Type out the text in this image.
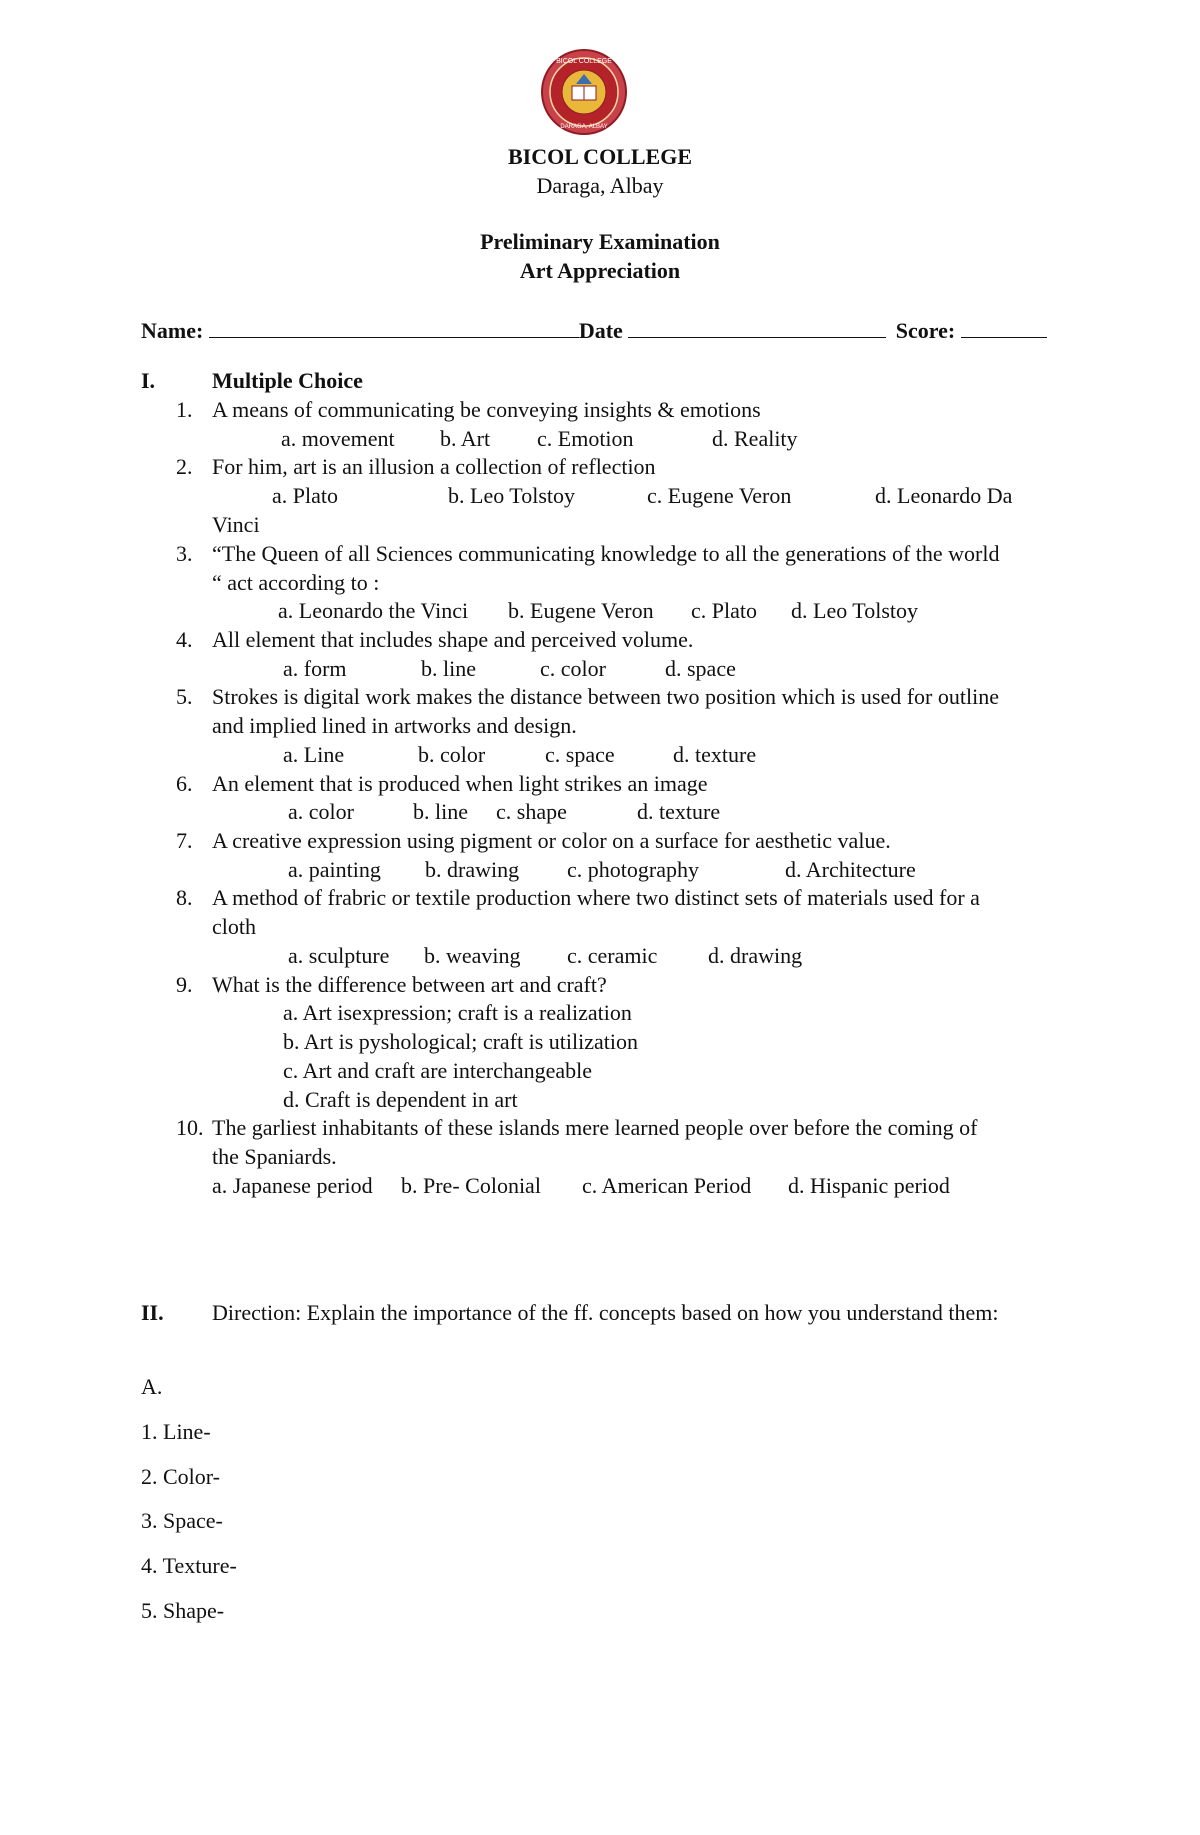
BICOL COLLEGE
DARAGA, ALBAY
BICOL COLLEGE
Daraga, Albay
Preliminary Examination
Art Appreciation
Name:	Date	Score:
I.	Multiple Choice
1. A means of communicating be conveying insights & emotions
a. movement b. Art c. Emotion	d. Reality
2. For him, art is an illusion a collection of reflection
a. Plato	b. Leo Tolstoy	c. Eugene Veron	d. Leonardo Da
Vinci
3. “The Queen of all Sciences communicating knowledge to all the generations of the world
“ act according to :
a. Leonardo the Vinci b. Eugene Veron c. Plato d. Leo Tolstoy
4. All element that includes shape and perceived volume.
a. form	b. line	c. color	d. space
5. Strokes is digital work makes the distance between two position which is used for outline
and implied lined in artworks and design.
a. Line	b. color	c. space	d. texture
6. An element that is produced when light strikes an image
a. color	b. line c. shape	d. texture
7. A creative expression using pigment or color on a surface for aesthetic value.
a. painting b. drawing c. photography	d. Architecture
8. A method of frabric or textile production where two distinct sets of materials used for a
cloth
a. sculpture b. weaving c. ceramic d. drawing
9. What is the difference between art and craft?
a. Art isexpression; craft is a realization
b. Art is pyshological; craft is utilization
c. Art and craft are interchangeable
d. Craft is dependent in art
10. The garliest inhabitants of these islands mere learned people over before the coming of
the Spaniards.
a. Japanese period b. Pre- Colonial c. American Period d. Hispanic period
II. Direction: Explain the importance of the ff. concepts based on how you understand them:
A.
1. Line-
2. Color-
3. Space-
4. Texture-
5. Shape-
